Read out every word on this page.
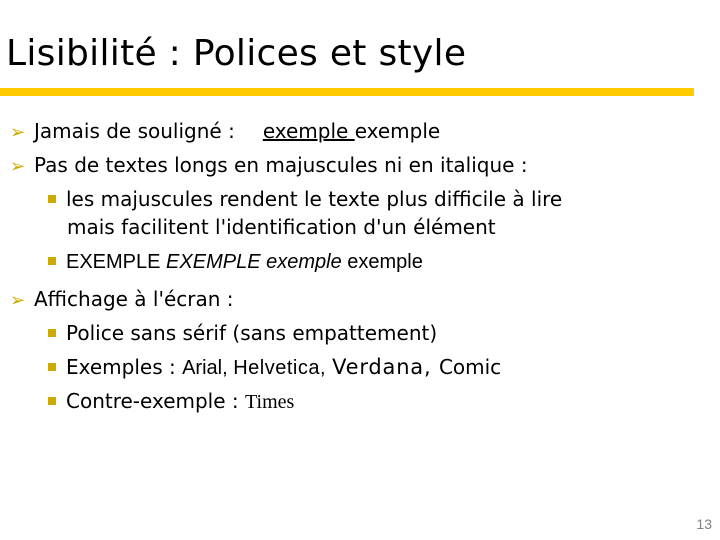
Lisibilité : Polices et style
➢ Jamais de souligné : exemple exemple
➢ Pas de textes longs en majuscules ni en italique :
les majuscules rendent le texte plus difficile à lire
mais facilitent l'identification d'un élément
EXEMPLE EXEMPLE exemple exemple
➢ Affichage à l'écran :
Police sans sérif (sans empattement)
Exemples : Arial, Helvetica, Verdana, Comic
Contre-exemple : Times
13
